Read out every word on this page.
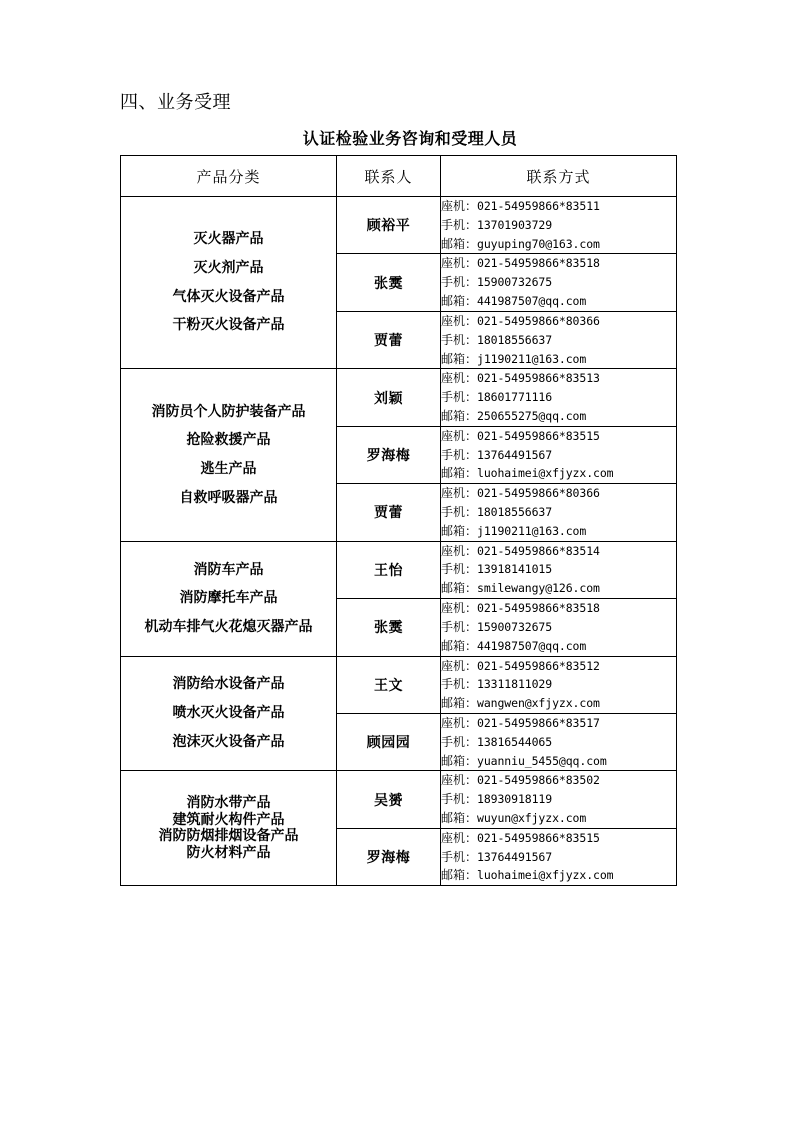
四、业务受理
认证检验业务咨询和受理人员
产品分类	联系人	联系方式

灭火器产品
灭火剂产品
气体灭火设备产品
干粉灭火设备产品	顾裕平	座机：021-54959866*83511
手机：13701903729
邮箱：guyuping70@163.com

	张霙	座机：021-54959866*83518
手机：15900732675
邮箱：441987507@qq.com

	贾蕾	座机：021-54959866*80366
手机：18018556637
邮箱：j1190211@163.com

消防员个人防护装备产品
抢险救援产品
逃生产品
自救呼吸器产品	刘颖	座机：021-54959866*83513
手机：18601771116
邮箱：250655275@qq.com

	罗海梅	座机：021-54959866*83515
手机：13764491567
邮箱：luohaimei@xfjyzx.com

	贾蕾	座机：021-54959866*80366
手机：18018556637
邮箱：j1190211@163.com

消防车产品
消防摩托车产品
机动车排气火花熄灭器产品	王怡	座机：021-54959866*83514
手机：13918141015
邮箱：smilewangy@126.com

	张霙	座机：021-54959866*83518
手机：15900732675
邮箱：441987507@qq.com

消防给水设备产品
喷水灭火设备产品
泡沫灭火设备产品	王文	座机：021-54959866*83512
手机：13311811029
邮箱：wangwen@xfjyzx.com

	顾园园	座机：021-54959866*83517
手机：13816544065
邮箱：yuanniu_5455@qq.com

消防水带产品
建筑耐火构件产品
消防防烟排烟设备产品
防火材料产品	吴赟	座机：021-54959866*83502
手机：18930918119
邮箱：wuyun@xfjyzx.com

	罗海梅	座机：021-54959866*83515
手机：13764491567
邮箱：luohaimei@xfjyzx.com
